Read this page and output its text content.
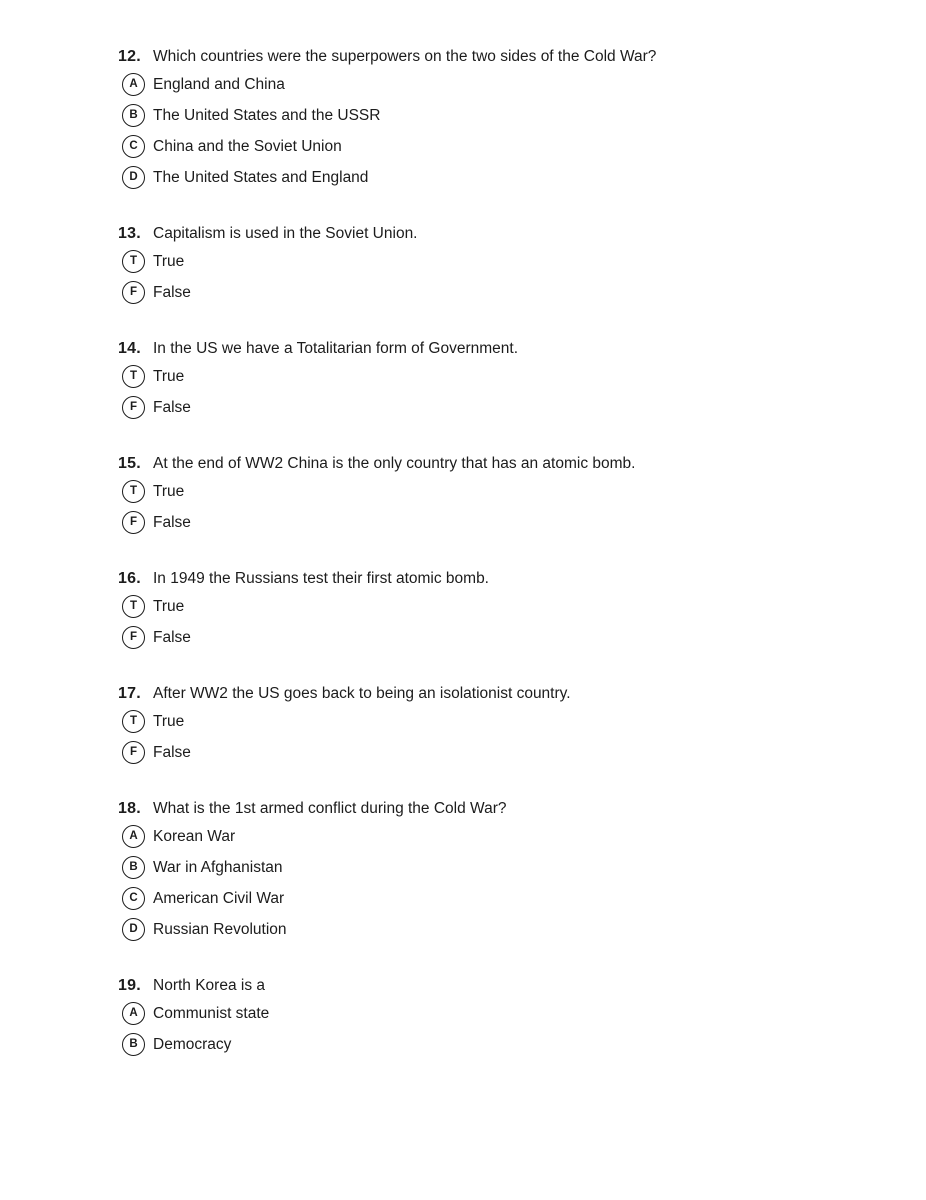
12. Which countries were the superpowers on the two sides of the Cold War?
A England and China
B The United States and the USSR
C China and the Soviet Union
D The United States and England
13. Capitalism is used in the Soviet Union.
T	True
F	False
14. In the US we have a Totalitarian form of Government.
T	True
F	False
15. At the end of WW2 China is the only country that has an atomic bomb.
T	True
F	False
16. In 1949 the Russians test their first atomic bomb.
T	True
F	False
17. After WW2 the US goes back to being an isolationist country.
T	True
F	False
18. What is the 1st armed conflict during the Cold War?
A Korean War
B War in Afghanistan
C American Civil War
D Russian Revolution
19. North Korea is a
A Communist state
B Democracy
